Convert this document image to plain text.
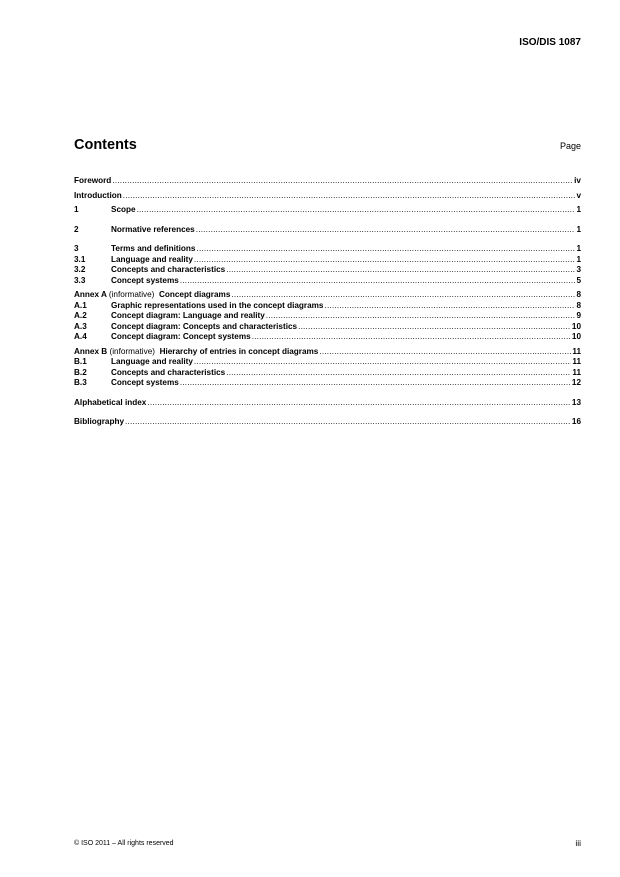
ISO/DIS 1087
Contents	Page
Foreword .....	iv
Introduction .....	v
1	Scope .....	1
2	Normative references .....	1
3	Terms and definitions .....	1
3.1	Language and reality .....	1
3.2	Concepts and characteristics .....	3
3.3	Concept systems .....	5
Annex A (informative) Concept diagrams .....	8
A.1	Graphic representations used in the concept diagrams .....	8
A.2	Concept diagram: Language and reality .....	9
A.3	Concept diagram: Concepts and characteristics .....	10
A.4	Concept diagram: Concept systems .....	10
Annex B (informative) Hierarchy of entries in concept diagrams .....	11
B.1	Language and reality .....	11
B.2	Concepts and characteristics .....	11
B.3	Concept systems .....	12
Alphabetical index .....	13
Bibliography .....	16
© ISO 2011 – All rights reserved	iii
